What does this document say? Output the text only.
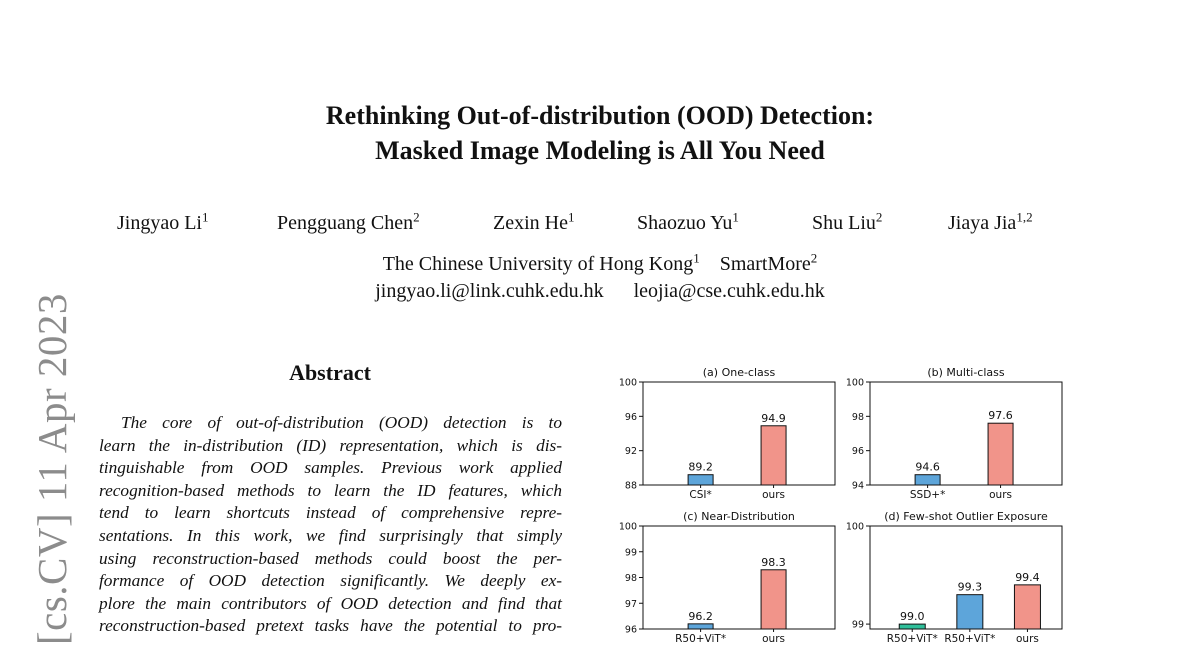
Rethinking Out-of-distribution (OOD) Detection:
Masked Image Modeling is All You Need
Jingyao Li$^1$	Pengguang Chen$^2$	Zexin He$^1$	Shaozuo Yu$^1$	Shu Liu$^2$	Jiaya Jia$^{1,2}$
The Chinese University of Hong Kong$^1$ SmartMore$^2$
jingyao.li@link.cuhk.edu.hk leojia@cse.cuhk.edu.hk
[cs.CV] 11 Apr 2023	Abstract
The core of out-of-distribution (OOD) detection is to
learn the in-distribution (ID) representation, which is dis-
tinguishable from OOD samples. Previous work applied
recognition-based methods to learn the ID features, which
tend to learn shortcuts instead of comprehensive repre-
sentations. In this work, we find surprisingly that simply
using reconstruction-based methods could boost the per-
formance of OOD detection significantly. We deeply ex-
plore the main contributors of OOD detection and find that
reconstruction-based pretext tasks have the potential to pro-
(a) One-class
88
92
96
100
89.2
CSI*
94.9
ours
(b) Multi-class
94
96
98
100
94.6
SSD+*
97.6
ours
(c) Near-Distribution
96
97
98
99
100
96.2
R50+ViT*
98.3
ours
(d) Few-shot Outlier Exposure
99
100
99.0
R50+ViT*
99.3
R50+ViT*
99.4
ours
